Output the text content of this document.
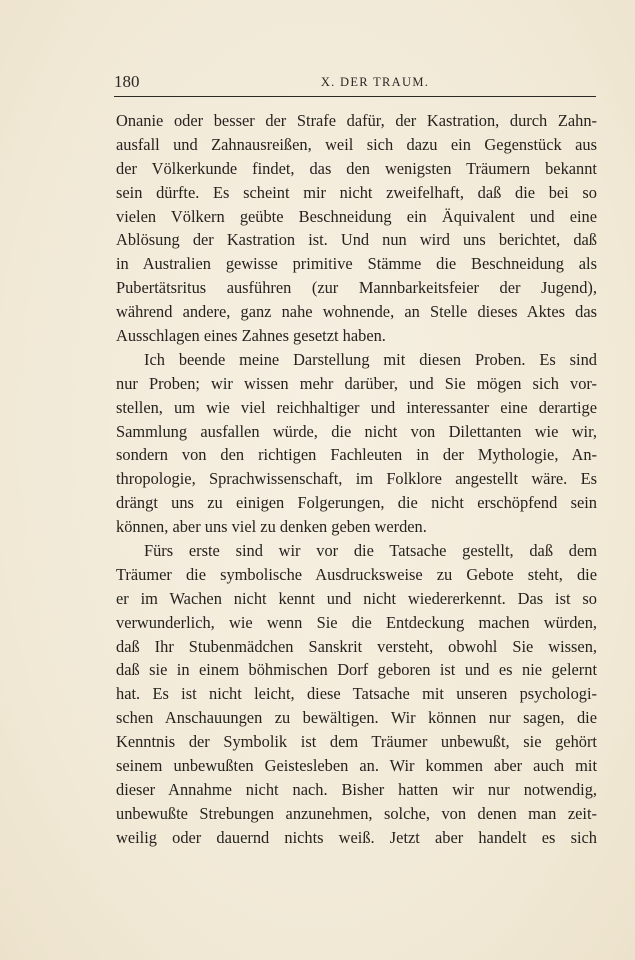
180	X. DER TRAUM.
Onanie oder besser der Strafe dafür, der Kastration, durch Zahn-
ausfall und Zahnausreißen, weil sich dazu ein Gegenstück aus
der Völkerkunde findet, das den wenigsten Träumern bekannt
sein dürfte. Es scheint mir nicht zweifelhaft, daß die bei so
vielen Völkern geübte Beschneidung ein Äquivalent und eine
Ablösung der Kastration ist. Und nun wird uns berichtet, daß
in Australien gewisse primitive Stämme die Beschneidung als
Pubertätsritus ausführen (zur Mannbarkeitsfeier der Jugend),
während andere, ganz nahe wohnende, an Stelle dieses Aktes das
Ausschlagen eines Zahnes gesetzt haben.
Ich beende meine Darstellung mit diesen Proben. Es sind
nur Proben; wir wissen mehr darüber, und Sie mögen sich vor-
stellen, um wie viel reichhaltiger und interessanter eine derartige
Sammlung ausfallen würde, die nicht von Dilettanten wie wir,
sondern von den richtigen Fachleuten in der Mythologie, An-
thropologie, Sprachwissenschaft, im Folklore angestellt wäre. Es
drängt uns zu einigen Folgerungen, die nicht erschöpfend sein
können, aber uns viel zu denken geben werden.
Fürs erste sind wir vor die Tatsache gestellt, daß dem
Träumer die symbolische Ausdrucksweise zu Gebote steht, die
er im Wachen nicht kennt und nicht wiedererkennt. Das ist so
verwunderlich, wie wenn Sie die Entdeckung machen würden,
daß Ihr Stubenmädchen Sanskrit versteht, obwohl Sie wissen,
daß sie in einem böhmischen Dorf geboren ist und es nie gelernt
hat. Es ist nicht leicht, diese Tatsache mit unseren psychologi-
schen Anschauungen zu bewältigen. Wir können nur sagen, die
Kenntnis der Symbolik ist dem Träumer unbewußt, sie gehört
seinem unbewußten Geistesleben an. Wir kommen aber auch mit
dieser Annahme nicht nach. Bisher hatten wir nur notwendig,
unbewußte Strebungen anzunehmen, solche, von denen man zeit-
weilig oder dauernd nichts weiß. Jetzt aber handelt es sich
